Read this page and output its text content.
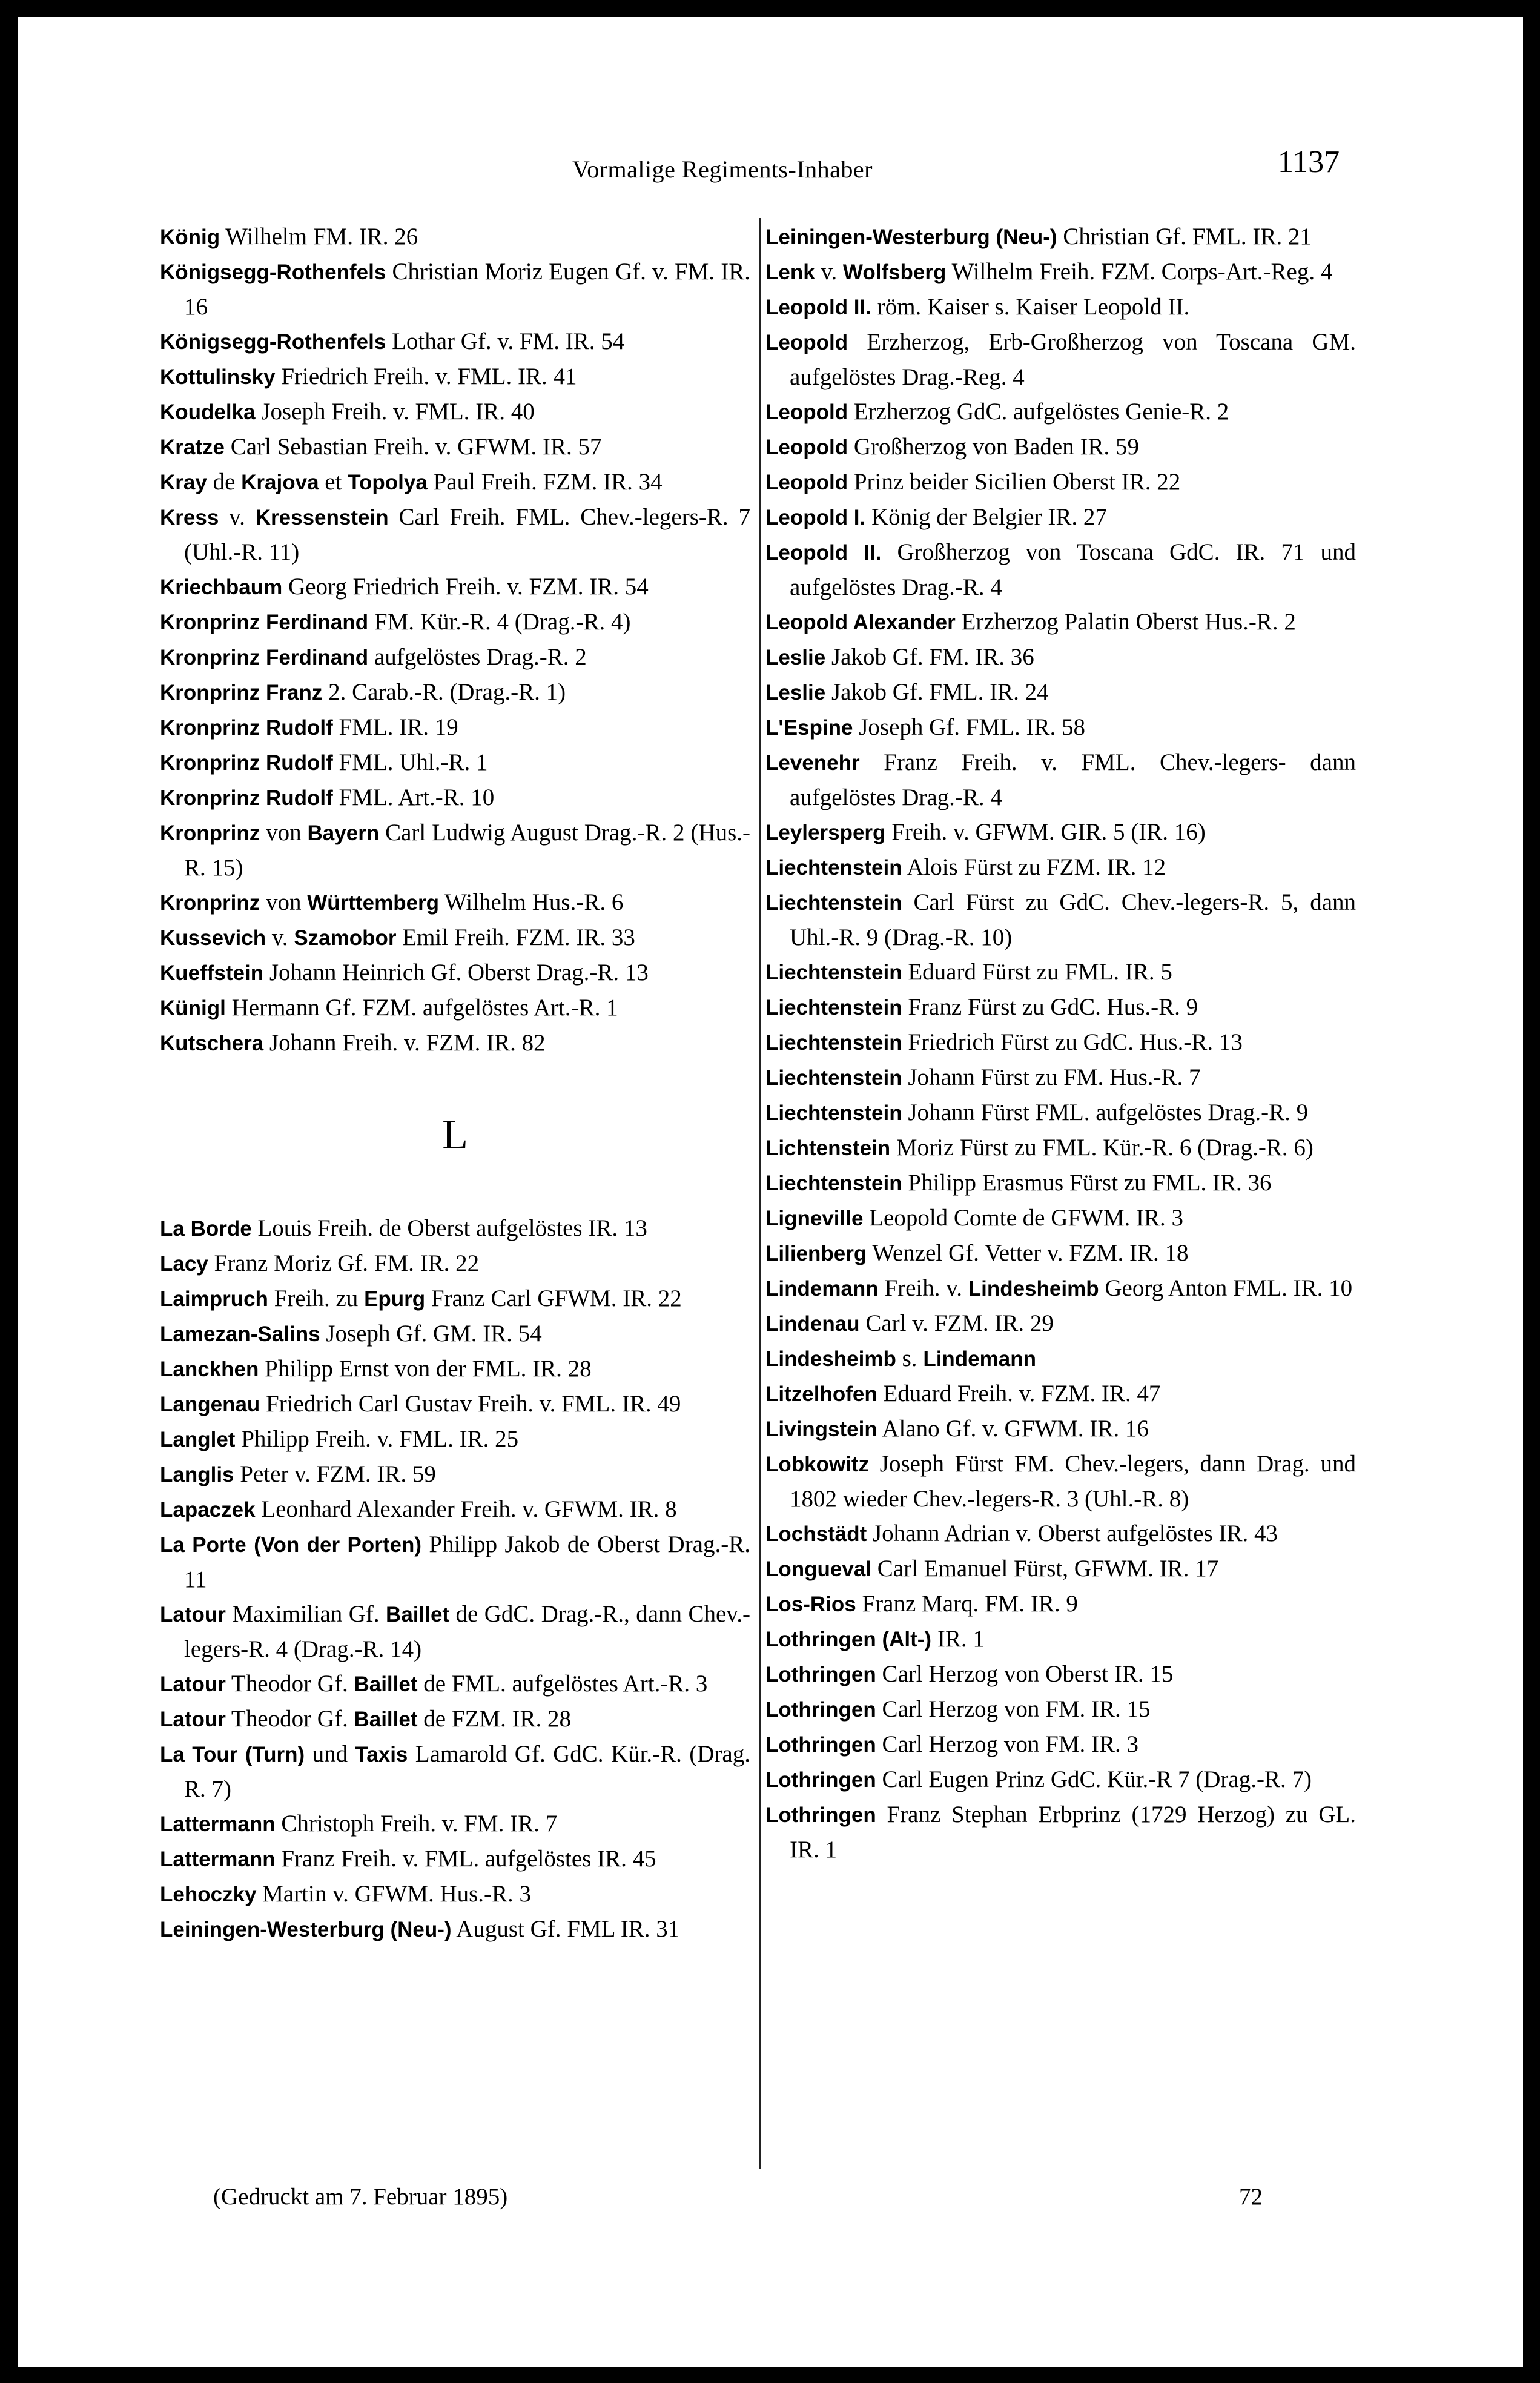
Vormalige Regiments-Inhaber	1137

König Wilhelm FM. IR. 26

Königsegg-Rothenfels Christian Moriz Eugen Gf. v. FM. IR. 16

Königsegg-Rothenfels Lothar Gf. v. FM. IR. 54

Kottulinsky Friedrich Freih. v. FML. IR. 41

Koudelka Joseph Freih. v. FML. IR. 40

Kratze Carl Sebastian Freih. v. GFWM. IR. 57

Kray de Krajova et Topolya Paul Freih. FZM. IR. 34

Kress v. Kressenstein Carl Freih. FML. Chev.-legers-R. 7 (Uhl.-R. 11)

Kriechbaum Georg Friedrich Freih. v. FZM. IR. 54

Kronprinz Ferdinand FM. Kür.-R. 4 (Drag.-R. 4)

Kronprinz Ferdinand aufgelöstes Drag.-R. 2

Kronprinz Franz 2. Carab.-R. (Drag.-R. 1)

Kronprinz Rudolf FML. IR. 19

Kronprinz Rudolf FML. Uhl.-R. 1

Kronprinz Rudolf FML. Art.-R. 10

Kronprinz von Bayern Carl Ludwig August Drag.-R. 2 (Hus.-R. 15)

Kronprinz von Württemberg Wilhelm Hus.-R. 6

Kussevich v. Szamobor Emil Freih. FZM. IR. 33

Kueffstein Johann Heinrich Gf. Oberst Drag.-R. 13

Künigl Hermann Gf. FZM. aufgelöstes Art.-R. 1

Kutschera Johann Freih. v. FZM. IR. 82

L

La Borde Louis Freih. de Oberst aufgelöstes IR. 13

Lacy Franz Moriz Gf. FM. IR. 22

Laimpruch Freih. zu Epurg Franz Carl GFWM. IR. 22

Lamezan-Salins Joseph Gf. GM. IR. 54

Lanckhen Philipp Ernst von der FML. IR. 28

Langenau Friedrich Carl Gustav Freih. v. FML. IR. 49

Langlet Philipp Freih. v. FML. IR. 25

Langlis Peter v. FZM. IR. 59

Lapaczek Leonhard Alexander Freih. v. GFWM. IR. 8

La Porte (Von der Porten) Philipp Jakob de Oberst Drag.-R. 11

Latour Maximilian Gf. Baillet de GdC. Drag.-R., dann Chev.-legers-R. 4 (Drag.-R. 14)

Latour Theodor Gf. Baillet de FML. aufgelöstes Art.-R. 3

Latour Theodor Gf. Baillet de FZM. IR. 28

La Tour (Turn) und Taxis Lamarold Gf. GdC. Kür.-R. (Drag. R. 7)

Lattermann Christoph Freih. v. FM. IR. 7

Lattermann Franz Freih. v. FML. aufgelöstes IR. 45

Lehoczky Martin v. GFWM. Hus.-R. 3

Leiningen-Westerburg (Neu-) August Gf. FML IR. 31

Leiningen-Westerburg (Neu-) Christian Gf. FML. IR. 21

Lenk v. Wolfsberg Wilhelm Freih. FZM. Corps-Art.-Reg. 4

Leopold II. röm. Kaiser s. Kaiser Leopold II.

Leopold Erzherzog, Erb-Großherzog von Toscana GM. aufgelöstes Drag.-Reg. 4

Leopold Erzherzog GdC. aufgelöstes Genie-R. 2

Leopold Großherzog von Baden IR. 59

Leopold Prinz beider Sicilien Oberst IR. 22

Leopold I. König der Belgier IR. 27

Leopold II. Großherzog von Toscana GdC. IR. 71 und aufgelöstes Drag.-R. 4

Leopold Alexander Erzherzog Palatin Oberst Hus.-R. 2

Leslie Jakob Gf. FM. IR. 36

Leslie Jakob Gf. FML. IR. 24

L'Espine Joseph Gf. FML. IR. 58

Levenehr Franz Freih. v. FML. Chev.-legers- dann aufgelöstes Drag.-R. 4

Leylersperg Freih. v. GFWM. GIR. 5 (IR. 16)

Liechtenstein Alois Fürst zu FZM. IR. 12

Liechtenstein Carl Fürst zu GdC. Chev.-legers-R. 5, dann Uhl.-R. 9 (Drag.-R. 10)

Liechtenstein Eduard Fürst zu FML. IR. 5

Liechtenstein Franz Fürst zu GdC. Hus.-R. 9

Liechtenstein Friedrich Fürst zu GdC. Hus.-R. 13

Liechtenstein Johann Fürst zu FM. Hus.-R. 7

Liechtenstein Johann Fürst FML. aufgelöstes Drag.-R. 9

Lichtenstein Moriz Fürst zu FML. Kür.-R. 6 (Drag.-R. 6)

Liechtenstein Philipp Erasmus Fürst zu FML. IR. 36

Ligneville Leopold Comte de GFWM. IR. 3

Lilienberg Wenzel Gf. Vetter v. FZM. IR. 18

Lindemann Freih. v. Lindesheimb Georg Anton FML. IR. 10

Lindenau Carl v. FZM. IR. 29

Lindesheimb s. Lindemann

Litzelhofen Eduard Freih. v. FZM. IR. 47

Livingstein Alano Gf. v. GFWM. IR. 16

Lobkowitz Joseph Fürst FM. Chev.-legers, dann Drag. und 1802 wieder Chev.-legers-R. 3 (Uhl.-R. 8)

Lochstädt Johann Adrian v. Oberst aufgelöstes IR. 43

Longueval Carl Emanuel Fürst, GFWM. IR. 17

Los-Rios Franz Marq. FM. IR. 9

Lothringen (Alt-) IR. 1

Lothringen Carl Herzog von Oberst IR. 15

Lothringen Carl Herzog von FM. IR. 15

Lothringen Carl Herzog von FM. IR. 3

Lothringen Carl Eugen Prinz GdC. Kür.-R 7 (Drag.-R. 7)

Lothringen Franz Stephan Erbprinz (1729 Herzog) zu GL. IR. 1

(Gedruckt am 7. Februar 1895)	72
